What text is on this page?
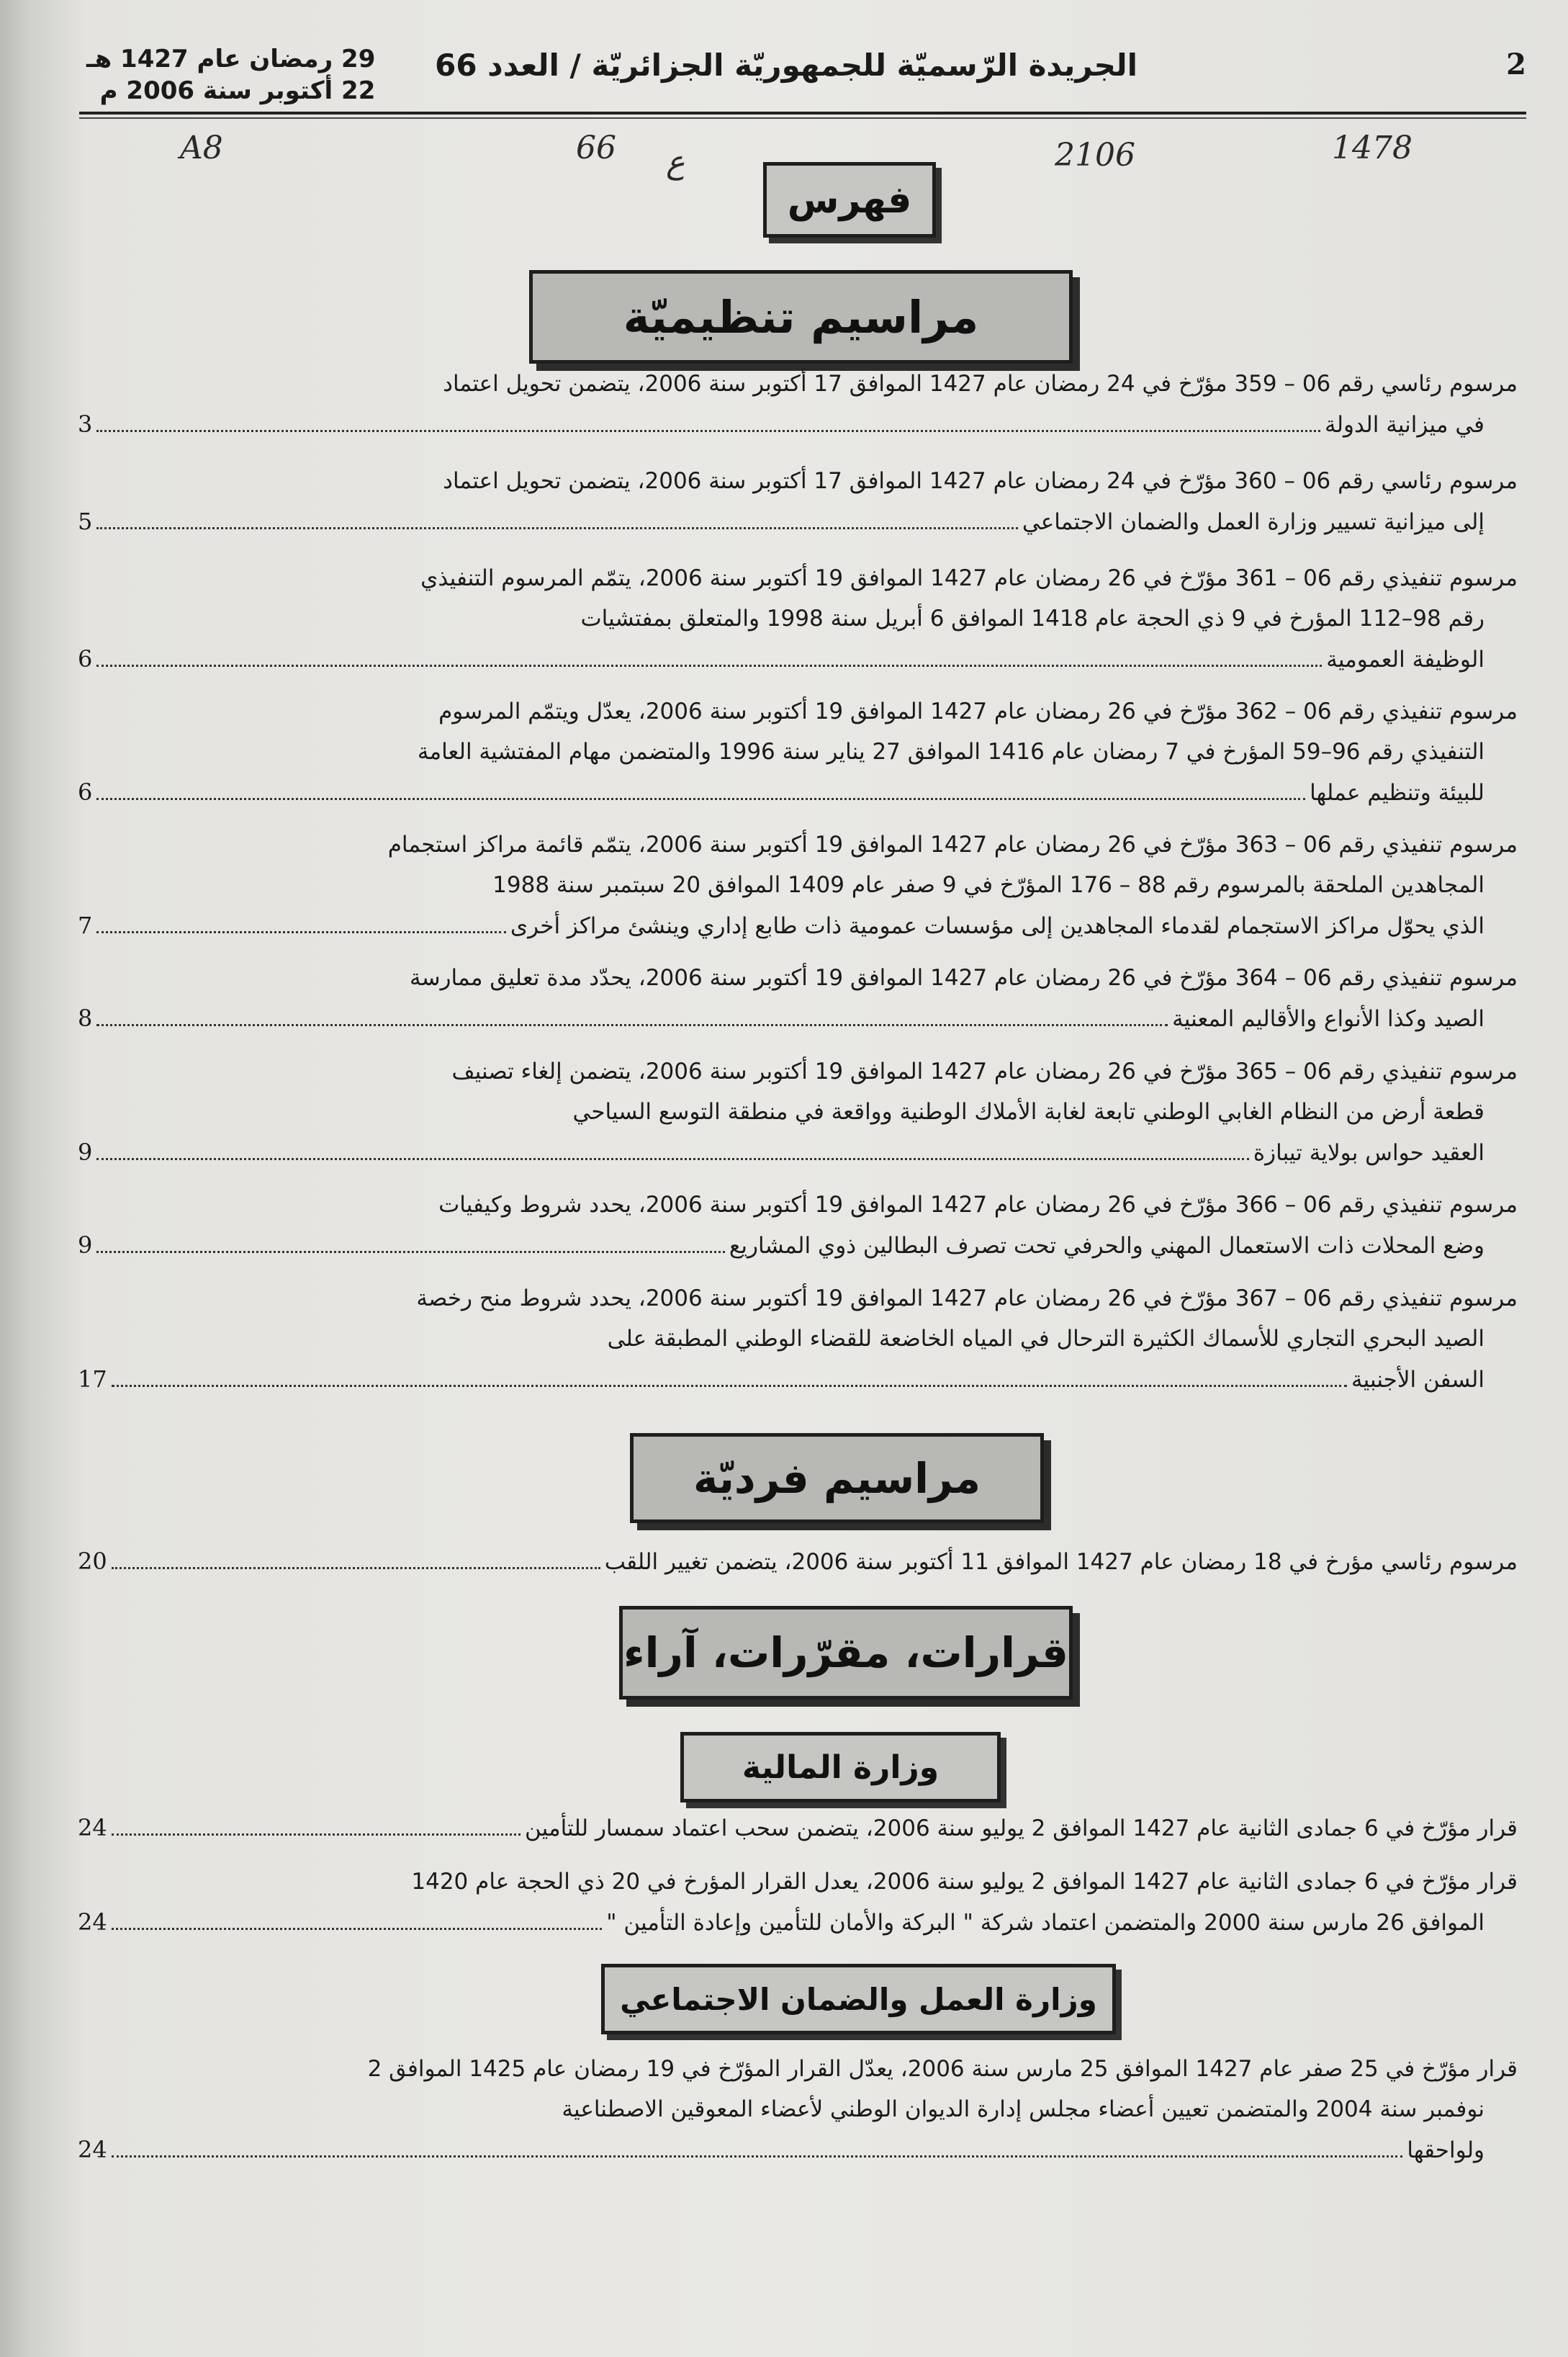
2
الجريدة الرّسميّة للجمهوريّة الجزائريّة / العدد 66
29 رمضان عام 1427 هـ
22 أكتوبر سنة 2006 م
A8	66 ع	2106	1478
فهرس
مراسيم تنظيميّة
مرسوم رئاسي رقم 06 – 359 مؤرّخ في 24 رمضان عام 1427 الموافق 17 أكتوبر سنة 2006، يتضمن تحويل اعتماد
في ميزانية الدولة
3
مرسوم رئاسي رقم 06 – 360 مؤرّخ في 24 رمضان عام 1427 الموافق 17 أكتوبر سنة 2006، يتضمن تحويل اعتماد
إلى ميزانية تسيير وزارة العمل والضمان الاجتماعي
5
مرسوم تنفيذي رقم 06 – 361 مؤرّخ في 26 رمضان عام 1427 الموافق 19 أكتوبر سنة 2006، يتمّم المرسوم التنفيذي
رقم 98–112 المؤرخ في 9 ذي الحجة عام 1418 الموافق 6 أبريل سنة 1998 والمتعلق بمفتشيات
الوظيفة العمومية
6
مرسوم تنفيذي رقم 06 – 362 مؤرّخ في 26 رمضان عام 1427 الموافق 19 أكتوبر سنة 2006، يعدّل ويتمّم المرسوم
التنفيذي رقم 96–59 المؤرخ في 7 رمضان عام 1416 الموافق 27 يناير سنة 1996 والمتضمن مهام المفتشية العامة
للبيئة وتنظيم عملها
6
مرسوم تنفيذي رقم 06 – 363 مؤرّخ في 26 رمضان عام 1427 الموافق 19 أكتوبر سنة 2006، يتمّم قائمة مراكز استجمام
المجاهدين الملحقة بالمرسوم رقم 88 – 176 المؤرّخ في 9 صفر عام 1409 الموافق 20 سبتمبر سنة 1988
الذي يحوّل مراكز الاستجمام لقدماء المجاهدين إلى مؤسسات عمومية ذات طابع إداري وينشئ مراكز أخرى
7
مرسوم تنفيذي رقم 06 – 364 مؤرّخ في 26 رمضان عام 1427 الموافق 19 أكتوبر سنة 2006، يحدّد مدة تعليق ممارسة
الصيد وكذا الأنواع والأقاليم المعنية
8
مرسوم تنفيذي رقم 06 – 365 مؤرّخ في 26 رمضان عام 1427 الموافق 19 أكتوبر سنة 2006، يتضمن إلغاء تصنيف
قطعة أرض من النظام الغابي الوطني تابعة لغابة الأملاك الوطنية وواقعة في منطقة التوسع السياحي
العقيد حواس بولاية تيبازة
9
مرسوم تنفيذي رقم 06 – 366 مؤرّخ في 26 رمضان عام 1427 الموافق 19 أكتوبر سنة 2006، يحدد شروط وكيفيات
وضع المحلات ذات الاستعمال المهني والحرفي تحت تصرف البطالين ذوي المشاريع
9
مرسوم تنفيذي رقم 06 – 367 مؤرّخ في 26 رمضان عام 1427 الموافق 19 أكتوبر سنة 2006، يحدد شروط منح رخصة
الصيد البحري التجاري للأسماك الكثيرة الترحال في المياه الخاضعة للقضاء الوطني المطبقة على
السفن الأجنبية
17
مراسيم فرديّة
مرسوم رئاسي مؤرخ في 18 رمضان عام 1427 الموافق 11 أكتوبر سنة 2006، يتضمن تغيير اللقب
20
قرارات، مقرّرات، آراء
وزارة المالية
قرار مؤرّخ في 6 جمادى الثانية عام 1427 الموافق 2 يوليو سنة 2006، يتضمن سحب اعتماد سمسار للتأمين
24
قرار مؤرّخ في 6 جمادى الثانية عام 1427 الموافق 2 يوليو سنة 2006، يعدل القرار المؤرخ في 20 ذي الحجة عام 1420
الموافق 26 مارس سنة 2000 والمتضمن اعتماد شركة " البركة والأمان للتأمين وإعادة التأمين "
24
وزارة العمل والضمان الاجتماعي
قرار مؤرّخ في 25 صفر عام 1427 الموافق 25 مارس سنة 2006، يعدّل القرار المؤرّخ في 19 رمضان عام 1425 الموافق 2
نوفمبر سنة 2004 والمتضمن تعيين أعضاء مجلس إدارة الديوان الوطني لأعضاء المعوقين الاصطناعية
ولواحقها
24
